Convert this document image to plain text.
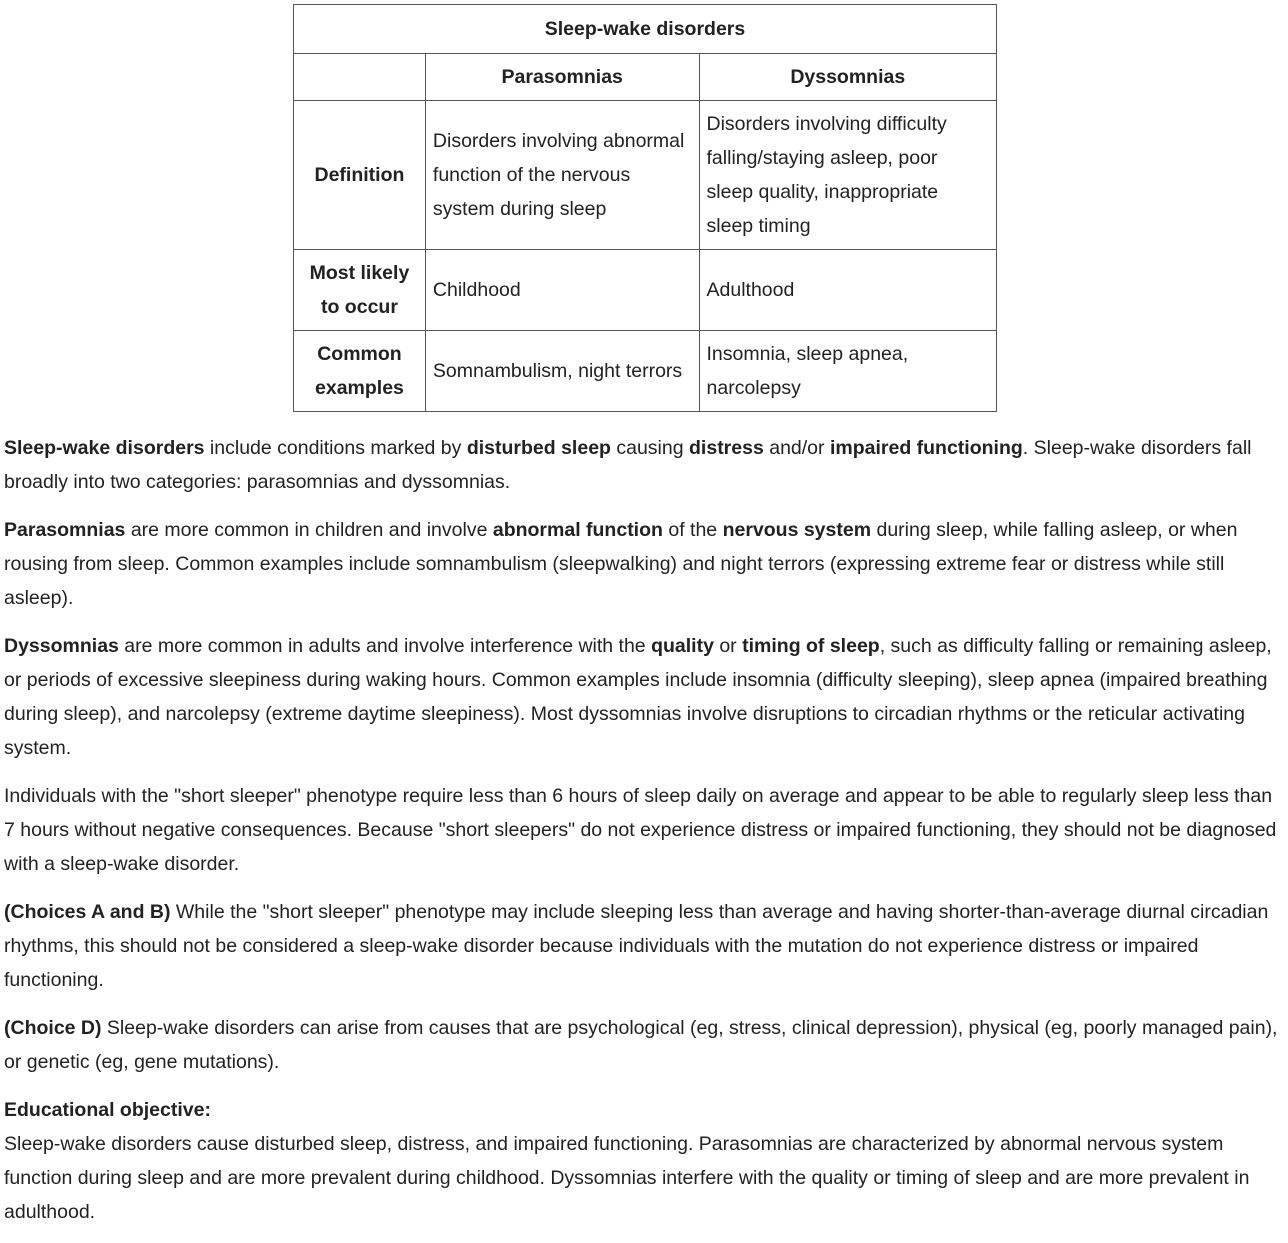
Sleep-wake disorders		
	Parasomnias	Dyssomnias
Definition	Disorders involving abnormal function of the nervous system during sleep	Disorders involving difficulty falling/staying asleep, poor sleep quality, inappropriate sleep timing
Most likely to occur	Childhood	Adulthood
Common examples	Somnambulism, night terrors	Insomnia, sleep apnea, narcolepsy

Sleep-wake disorders include conditions marked by disturbed sleep causing distress and/or impaired functioning. Sleep-wake disorders fall broadly into two categories: parasomnias and dyssomnias.

Parasomnias are more common in children and involve abnormal function of the nervous system during sleep, while falling asleep, or when rousing from sleep. Common examples include somnambulism (sleepwalking) and night terrors (expressing extreme fear or distress while still asleep).

Dyssomnias are more common in adults and involve interference with the quality or timing of sleep, such as difficulty falling or remaining asleep, or periods of excessive sleepiness during waking hours. Common examples include insomnia (difficulty sleeping), sleep apnea (impaired breathing during sleep), and narcolepsy (extreme daytime sleepiness). Most dyssomnias involve disruptions to circadian rhythms or the reticular activating system.

Individuals with the "short sleeper" phenotype require less than 6 hours of sleep daily on average and appear to be able to regularly sleep less than 7 hours without negative consequences. Because "short sleepers" do not experience distress or impaired functioning, they should not be diagnosed with a sleep-wake disorder.

(Choices A and B) While the "short sleeper" phenotype may include sleeping less than average and having shorter-than-average diurnal circadian rhythms, this should not be considered a sleep-wake disorder because individuals with the mutation do not experience distress or impaired functioning.

(Choice D) Sleep-wake disorders can arise from causes that are psychological (eg, stress, clinical depression), physical (eg, poorly managed pain), or genetic (eg, gene mutations).

Educational objective:

Sleep-wake disorders cause disturbed sleep, distress, and impaired functioning. Parasomnias are characterized by abnormal nervous system function during sleep and are more prevalent during childhood. Dyssomnias interfere with the quality or timing of sleep and are more prevalent in adulthood.
